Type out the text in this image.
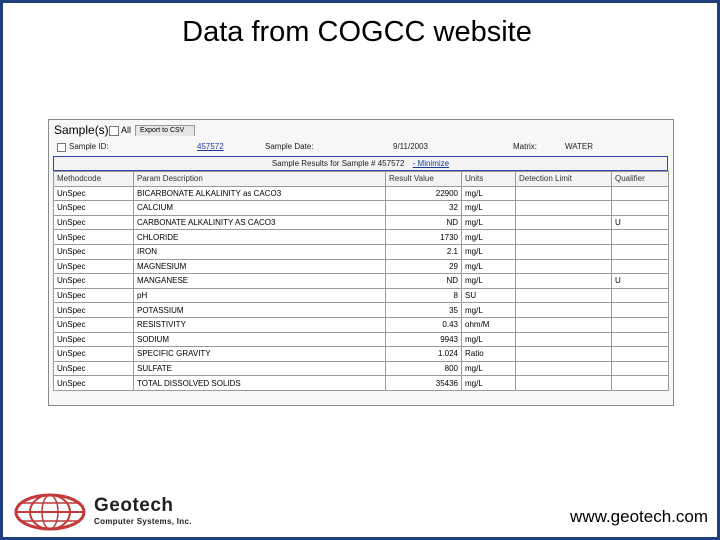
Data from COGCC website
Sample(s) All	Export to CSV
Sample ID:	457572	Sample Date:	9/11/2003	Matrix:	WATER
Sample Results for Sample # 457572 - Minimize
Methodcode	Param Description	Result Value	Units	Detection Limit	Qualifier
UnSpec	BICARBONATE ALKALINITY as CACO3	22900	mg/L		
UnSpec	CALCIUM	32	mg/L		
UnSpec	CARBONATE ALKALINITY AS CACO3	ND	mg/L		U
UnSpec	CHLORIDE	1730	mg/L		
UnSpec	IRON	2.1	mg/L		
UnSpec	MAGNESIUM	29	mg/L		
UnSpec	MANGANESE	ND	mg/L		U
UnSpec	pH	8	SU		
UnSpec	POTASSIUM	35	mg/L		
UnSpec	RESISTIVITY	0.43	ohm/M		
UnSpec	SODIUM	9943	mg/L		
UnSpec	SPECIFIC GRAVITY	1.024	Ratio		
UnSpec	SULFATE	800	mg/L		
UnSpec	TOTAL DISSOLVED SOLIDS	35436	mg/L		
Geotech
Computer Systems, Inc.	www.geotech.com
